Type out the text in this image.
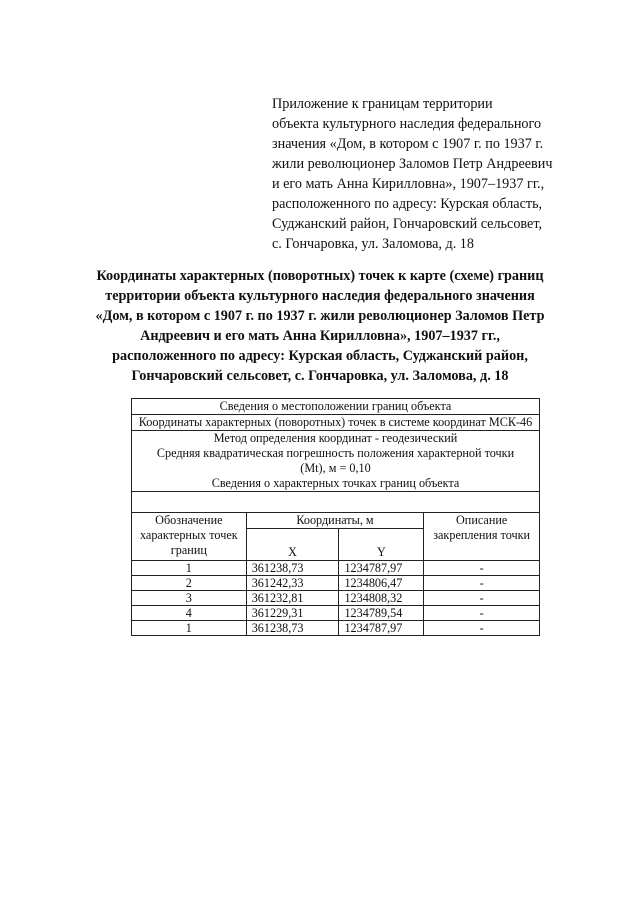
Приложение к границам территории
объекта культурного наследия федерального
значения «Дом, в котором с 1907 г. по 1937 г.
жили революционер Заломов Петр Андреевич
и его мать Анна Кирилловна», 1907–1937 гг.,
расположенного по адресу: Курская область,
Суджанский район, Гончаровский сельсовет,
с. Гончаровка, ул. Заломова, д. 18
Координаты характерных (поворотных) точек к карте (схеме) границ
территории объекта культурного наследия федерального значения
«Дом, в котором с 1907 г. по 1937 г. жили революционер Заломов Петр
Андреевич и его мать Анна Кирилловна», 1907–1937 гг.,
расположенного по адресу: Курская область, Суджанский район,
Гончаровский сельсовет, с. Гончаровка, ул. Заломова, д. 18
Сведения о местоположении границ объекта			
Координаты характерных (поворотных) точек в системе координат МСК-46			

Метод определения координат - геодезический
Средняя квадратическая погрешность положения характерной точки
(Mt), м = 0,10
Сведения о характерных точках границ объекта			

Обозначение характерных точек границ	Координаты, м		Описание закрепления точки
	X	Y	
1	361238,73	1234787,97	-
2	361242,33	1234806,47	-
3	361232,81	1234808,32	-
4	361229,31	1234789,54	-
1	361238,73	1234787,97	-
